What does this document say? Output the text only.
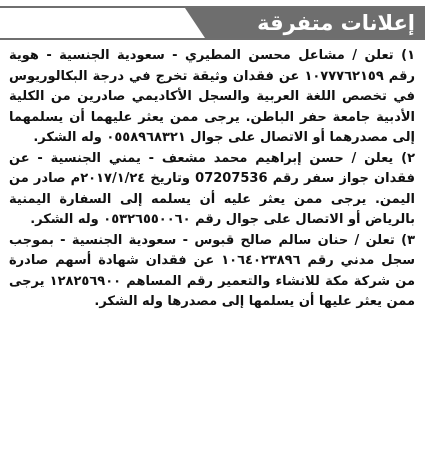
إعلانات متفرقة

١) تعلن / مشاعل محسن المطيري - سعودية الجنسية - هوية رقم ١٠٧٧٧٦٢١٥٩ عن فقدان وثيقة تخرج في درجة البكالوريوس في تخصص اللغة العربية والسجل الأكاديمي صادرين من الكلية الأدبية جامعة حفر الباطن. يرجى ممن يعثر عليهما أن يسلمهما إلى مصدرهما أو الاتصال على جوال ٠٥٥٨٩٦٨٣٢١ وله الشكر.

٢) يعلن / حسن إبراهيم محمد مشعف - يمني الجنسية - عن فقدان جواز سفر رقم 07207536 وتاريخ ٢٠١٧/١/٢٤م صادر من اليمن. يرجى ممن يعثر عليه أن يسلمه إلى السفارة اليمنية بالرياض أو الاتصال على جوال رقم ٠٥٣٢٦٥٥٠٠٦٠ وله الشكر.

٣) تعلن / حنان سالم صالح قبوس - سعودية الجنسية - بموجب سجل مدني رقم ١٠٦٤٠٢٣٨٩٦ عن فقدان شهادة أسهم صادرة من شركة مكة للانشاء والتعمير رقم المساهم ١٢٨٢٥٦٩٠٠ يرجى ممن يعثر عليها أن يسلمها إلى مصدرها وله الشكر.
